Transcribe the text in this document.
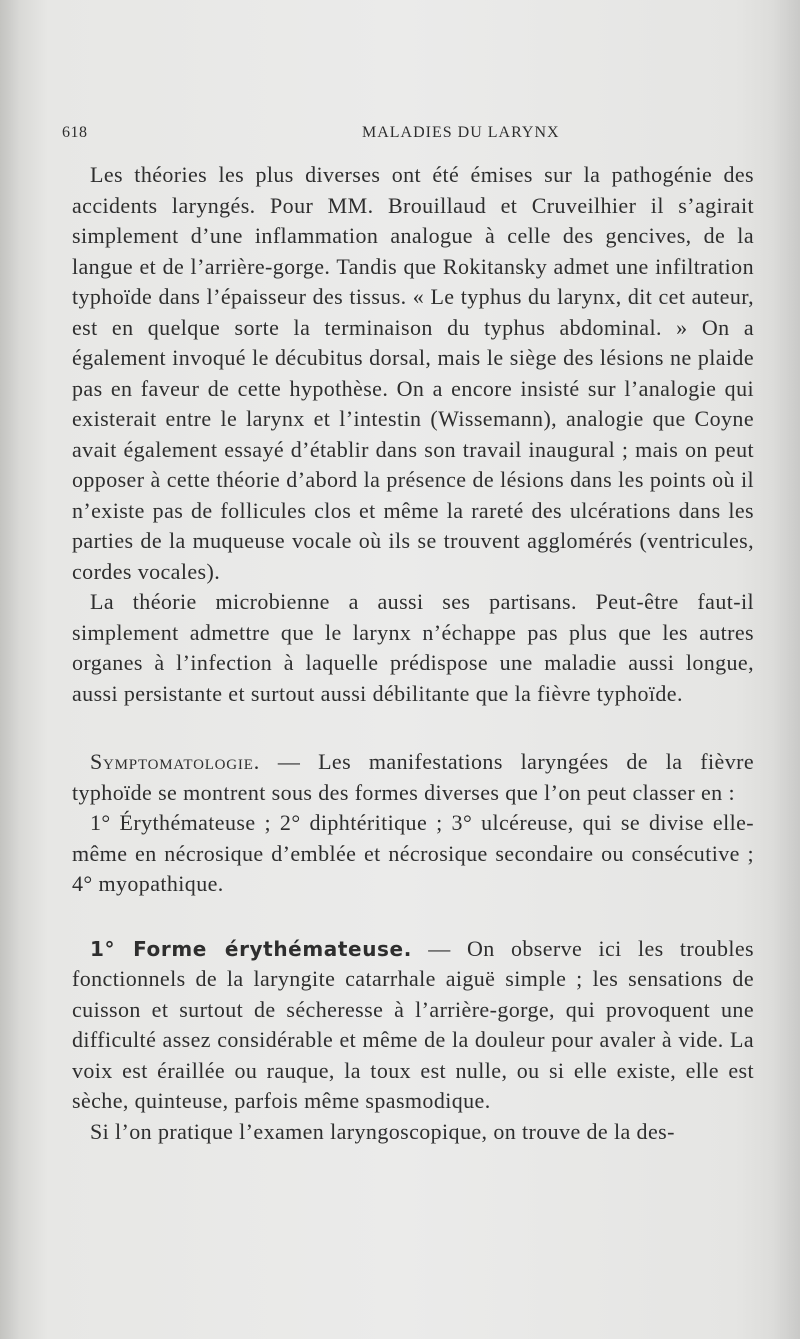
618	MALADIES DU LARYNX

Les théories les plus diverses ont été émises sur la pathogénie des accidents laryngés. Pour MM. Brouillaud et Cruveilhier il s’agirait simplement d’une inflammation analogue à celle des gencives, de la langue et de l’arrière-gorge. Tandis que Rokitansky admet une infiltration typhoïde dans l’épaisseur des tissus. « Le typhus du larynx, dit cet auteur, est en quelque sorte la terminaison du typhus abdominal. » On a également invoqué le décubitus dorsal, mais le siège des lésions ne plaide pas en faveur de cette hypothèse. On a encore insisté sur l’analogie qui existerait entre le larynx et l’intestin (Wissemann), analogie que Coyne avait également essayé d’établir dans son travail inaugural ; mais on peut opposer à cette théorie d’abord la présence de lésions dans les points où il n’existe pas de follicules clos et même la rareté des ulcérations dans les parties de la muqueuse vocale où ils se trouvent agglomérés (ventricules, cordes vocales).

La théorie microbienne a aussi ses partisans. Peut-être faut-il simplement admettre que le larynx n’échappe pas plus que les autres organes à l’infection à laquelle prédispose une maladie aussi longue, aussi persistante et surtout aussi débilitante que la fièvre typhoïde.

Symptomatologie. — Les manifestations laryngées de la fièvre typhoïde se montrent sous des formes diverses que l’on peut classer en :

1° Érythémateuse ; 2° diphtéritique ; 3° ulcéreuse, qui se divise elle-même en nécrosique d’emblée et nécrosique secondaire ou consécutive ; 4° myopathique.

1° Forme érythémateuse. — On observe ici les troubles fonctionnels de la laryngite catarrhale aiguë simple ; les sensations de cuisson et surtout de sécheresse à l’arrière-gorge, qui provoquent une difficulté assez considérable et même de la douleur pour avaler à vide. La voix est éraillée ou rauque, la toux est nulle, ou si elle existe, elle est sèche, quinteuse, parfois même spasmodique.

Si l’on pratique l’examen laryngoscopique, on trouve de la des-
